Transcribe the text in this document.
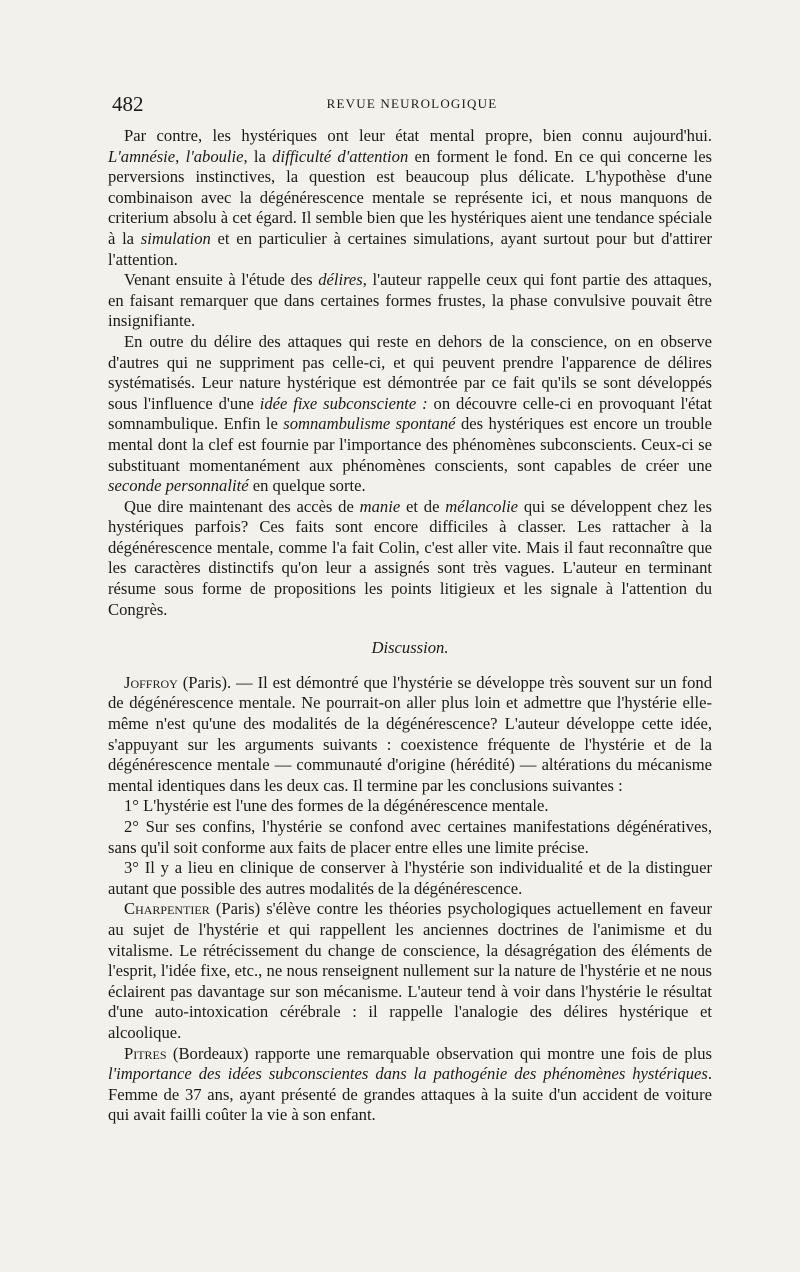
482	REVUE NEUROLOGIQUE

Par contre, les hystériques ont leur état mental propre, bien connu aujourd'hui. L'amnésie, l'aboulie, la difficulté d'attention en forment le fond. En ce qui concerne les perversions instinctives, la question est beaucoup plus délicate. L'hypothèse d'une combinaison avec la dégénérescence mentale se représente ici, et nous manquons de criterium absolu à cet égard. Il semble bien que les hystériques aient une tendance spéciale à la simulation et en particulier à certaines simulations, ayant surtout pour but d'attirer l'attention.

Venant ensuite à l'étude des délires, l'auteur rappelle ceux qui font partie des attaques, en faisant remarquer que dans certaines formes frustes, la phase convulsive pouvait être insignifiante.

En outre du délire des attaques qui reste en dehors de la conscience, on en observe d'autres qui ne suppriment pas celle-ci, et qui peuvent prendre l'apparence de délires systématisés. Leur nature hystérique est démontrée par ce fait qu'ils se sont développés sous l'influence d'une idée fixe subconsciente : on découvre celle-ci en provoquant l'état somnambulique. Enfin le somnambulisme spontané des hystériques est encore un trouble mental dont la clef est fournie par l'importance des phénomènes subconscients. Ceux-ci se substituant momentanément aux phénomènes conscients, sont capables de créer une seconde personnalité en quelque sorte.

Que dire maintenant des accès de manie et de mélancolie qui se développent chez les hystériques parfois? Ces faits sont encore difficiles à classer. Les rattacher à la dégénérescence mentale, comme l'a fait Colin, c'est aller vite. Mais il faut reconnaître que les caractères distinctifs qu'on leur a assignés sont très vagues. L'auteur en terminant résume sous forme de propositions les points litigieux et les signale à l'attention du Congrès.

Discussion.

Joffroy (Paris). — Il est démontré que l'hystérie se développe très souvent sur un fond de dégénérescence mentale. Ne pourrait-on aller plus loin et admettre que l'hystérie elle-même n'est qu'une des modalités de la dégénérescence? L'auteur développe cette idée, s'appuyant sur les arguments suivants : coexistence fréquente de l'hystérie et de la dégénérescence mentale — communauté d'origine (hérédité) — altérations du mécanisme mental identiques dans les deux cas. Il termine par les conclusions suivantes :

1° L'hystérie est l'une des formes de la dégénérescence mentale.

2° Sur ses confins, l'hystérie se confond avec certaines manifestations dégénératives, sans qu'il soit conforme aux faits de placer entre elles une limite précise.

3° Il y a lieu en clinique de conserver à l'hystérie son individualité et de la distinguer autant que possible des autres modalités de la dégénérescence.

Charpentier (Paris) s'élève contre les théories psychologiques actuellement en faveur au sujet de l'hystérie et qui rappellent les anciennes doctrines de l'animisme et du vitalisme. Le rétrécissement du change de conscience, la désagrégation des éléments de l'esprit, l'idée fixe, etc., ne nous renseignent nullement sur la nature de l'hystérie et ne nous éclairent pas davantage sur son mécanisme. L'auteur tend à voir dans l'hystérie le résultat d'une auto-intoxication cérébrale : il rappelle l'analogie des délires hystérique et alcoolique.

Pitres (Bordeaux) rapporte une remarquable observation qui montre une fois de plus l'importance des idées subconscientes dans la pathogénie des phénomènes hystériques. Femme de 37 ans, ayant présenté de grandes attaques à la suite d'un accident de voiture qui avait failli coûter la vie à son enfant.
